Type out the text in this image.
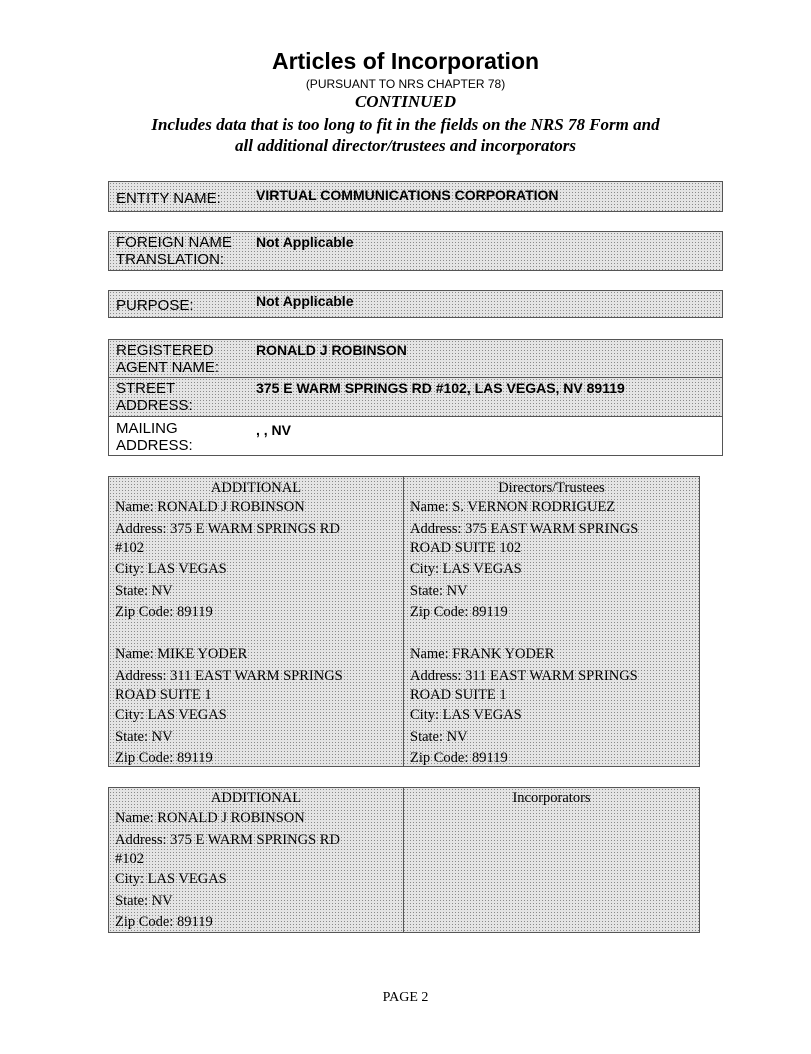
Articles of Incorporation
(PURSUANT TO NRS CHAPTER 78)
CONTINUED
Includes data that is too long to fit in the fields on the NRS 78 Form and
all additional director/trustees and incorporators
ENTITY NAME:	VIRTUAL COMMUNICATIONS CORPORATION
FOREIGN NAME
TRANSLATION:
Not Applicable
PURPOSE:	Not Applicable
REGISTERED
AGENT NAME:
RONALD J ROBINSON
STREET
ADDRESS:
375 E WARM SPRINGS RD #102, LAS VEGAS, NV 89119
MAILING
ADDRESS:
, , NV
ADDITIONAL
Name: RONALD J ROBINSON
Address: 375 E WARM SPRINGS RD
#102
City: LAS VEGAS
State: NV
Zip Code: 89119
Name: MIKE YODER
Address: 311 EAST WARM SPRINGS
ROAD SUITE 1
City: LAS VEGAS
State: NV
Zip Code: 89119
Directors/Trustees
Name: S. VERNON RODRIGUEZ
Address: 375 EAST WARM SPRINGS
ROAD SUITE 102
City: LAS VEGAS
State: NV
Zip Code: 89119
Name: FRANK YODER
Address: 311 EAST WARM SPRINGS
ROAD SUITE 1
City: LAS VEGAS
State: NV
Zip Code: 89119
ADDITIONAL
Name: RONALD J ROBINSON
Address: 375 E WARM SPRINGS RD
#102
City: LAS VEGAS
State: NV
Zip Code: 89119
Incorporators
PAGE 2
